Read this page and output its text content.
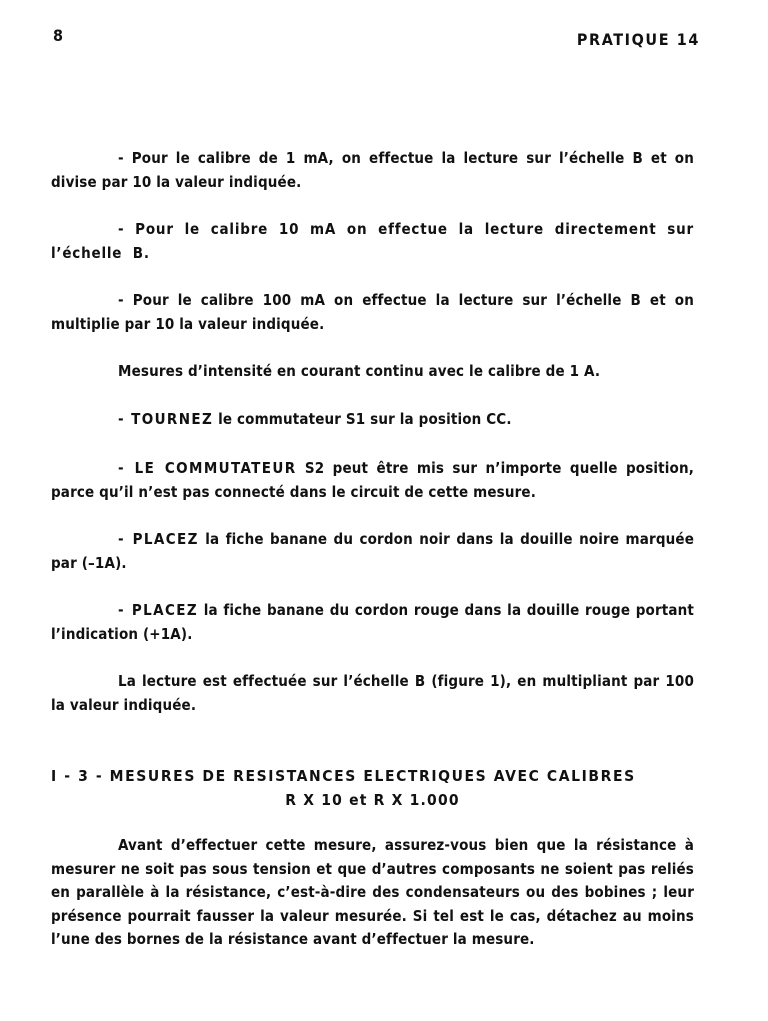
8	PRATIQUE 14

- Pour le calibre de 1 mA, on effectue la lecture sur l’échelle B et on divise par 10 la valeur indiquée.

- Pour le calibre 10 mA on effectue la lecture directement sur l’échelle B.

- Pour le calibre 100 mA on effectue la lecture sur l’échelle B et on multiplie par 10 la valeur indiquée.

Mesures d’intensité en courant continu avec le calibre de 1 A.

- TOURNEZ le commutateur S1 sur la position CC.

- LE COMMUTATEUR S2 peut être mis sur n’importe quelle position, parce qu’il n’est pas connecté dans le circuit de cette mesure.

- PLACEZ la fiche banane du cordon noir dans la douille noire marquée par (–1A).

- PLACEZ la fiche banane du cordon rouge dans la douille rouge portant l’indication (+1A).

La lecture est effectuée sur l’échelle B (figure 1), en multipliant par 100 la valeur indiquée.

I - 3 - MESURES DE RESISTANCES ELECTRIQUES AVEC CALIBRES
R X 10 et R X 1.000

Avant d’effectuer cette mesure, assurez-vous bien que la résistance à mesurer ne soit pas sous tension et que d’autres composants ne soient pas reliés en parallèle à la résistance, c’est-à-dire des condensateurs ou des bobines ; leur présence pourrait fausser la valeur mesurée. Si tel est le cas, détachez au moins l’une des bornes de la résistance avant d’effectuer la mesure.
